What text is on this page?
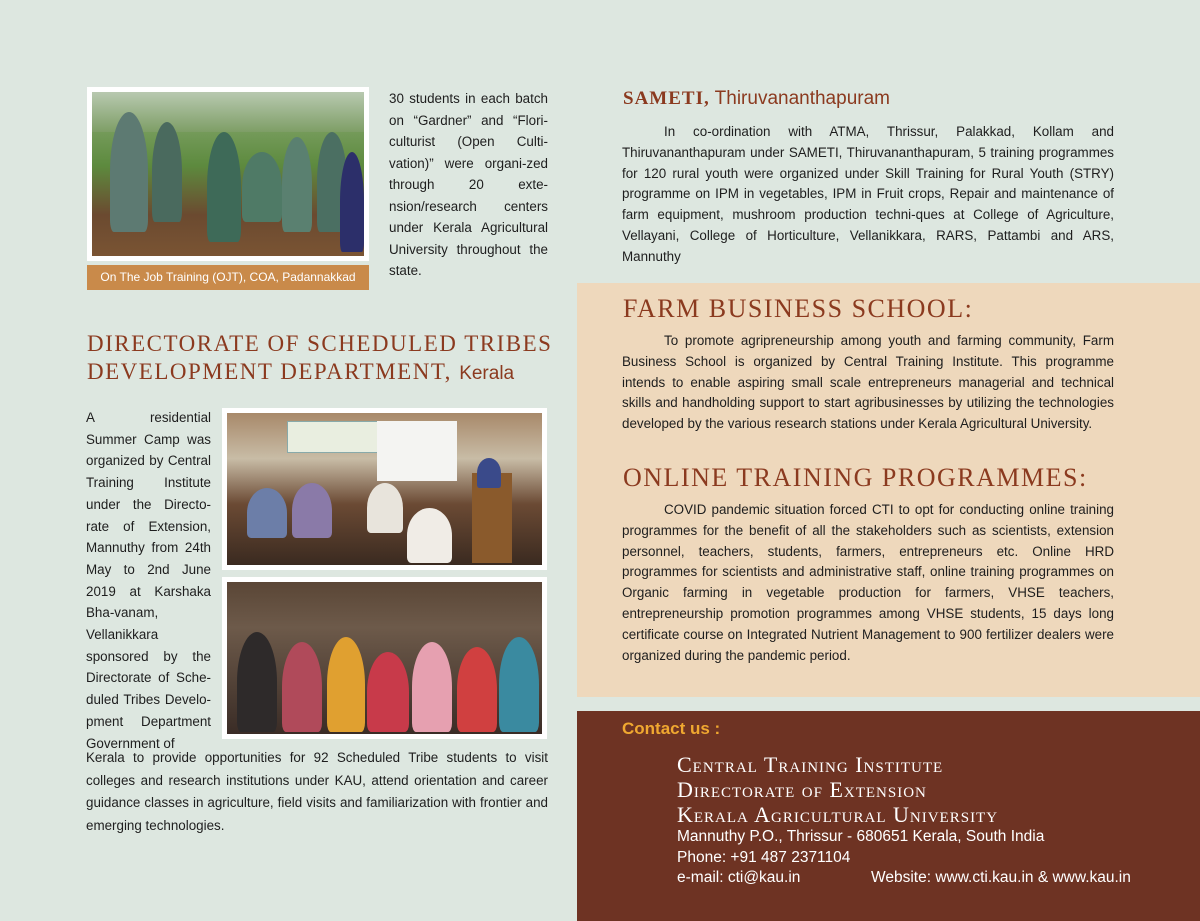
On The Job Training (OJT), COA, Padannakkad
30 students in each batch on “Gardner” and “Flori-culturist (Open Culti-vation)” were organi-zed through 20 exte-nsion/research centers under Kerala Agricultural University throughout the state.
DIRECTORATE OF SCHEDULED TRIBES
DEVELOPMENT DEPARTMENT, Kerala
A residential Summer Camp was organized by Central Training Institute under the Directo-rate of Extension, Mannuthy from 24th May to 2nd June 2019 at Karshaka Bha-vanam, Vellanikkara sponsored by the Directorate of Sche-duled Tribes Develo-pment Department Government of
Kerala to provide opportunities for 92 Scheduled Tribe students to visit colleges and research institutions under KAU, attend orientation and career guidance classes in agriculture, field visits and familiarization with frontier and emerging technologies.
SAMETI, Thiruvananthapuram
In co-ordination with ATMA, Thrissur, Palakkad, Kollam and Thiruvananthapuram under SAMETI, Thiruvananthapuram, 5 training programmes for 120 rural youth were organized under Skill Training for Rural Youth (STRY) programme on IPM in vegetables, IPM in Fruit crops, Repair and maintenance of farm equipment, mushroom production techni-ques at College of Agriculture, Vellayani, College of Horticulture, Vellanikkara, RARS, Pattambi and ARS, Mannuthy
FARM BUSINESS SCHOOL:
To promote agripreneurship among youth and farming community, Farm Business School is organized by Central Training Institute. This programme intends to enable aspiring small scale entrepreneurs managerial and technical skills and handholding support to start agribusinesses by utilizing the technologies developed by the various research stations under Kerala Agricultural University.
ONLINE TRAINING PROGRAMMES:
COVID pandemic situation forced CTI to opt for conducting online training programmes for the benefit of all the stakeholders such as scientists, extension personnel, teachers, students, farmers, entrepreneurs etc. Online HRD programmes for scientists and administrative staff, online training programmes on Organic farming in vegetable production for farmers, VHSE teachers, entrepreneurship promotion programmes among VHSE students, 15 days long certificate course on Integrated Nutrient Management to 900 fertilizer dealers were organized during the pandemic period.
Contact us :
Central Training Institute
Directorate of Extension
Kerala Agricultural University
Mannuthy P.O., Thrissur - 680651 Kerala, South India
Phone: +91 487 2371104
e-mail: cti@kau.in	Website: www.cti.kau.in & www.kau.in
